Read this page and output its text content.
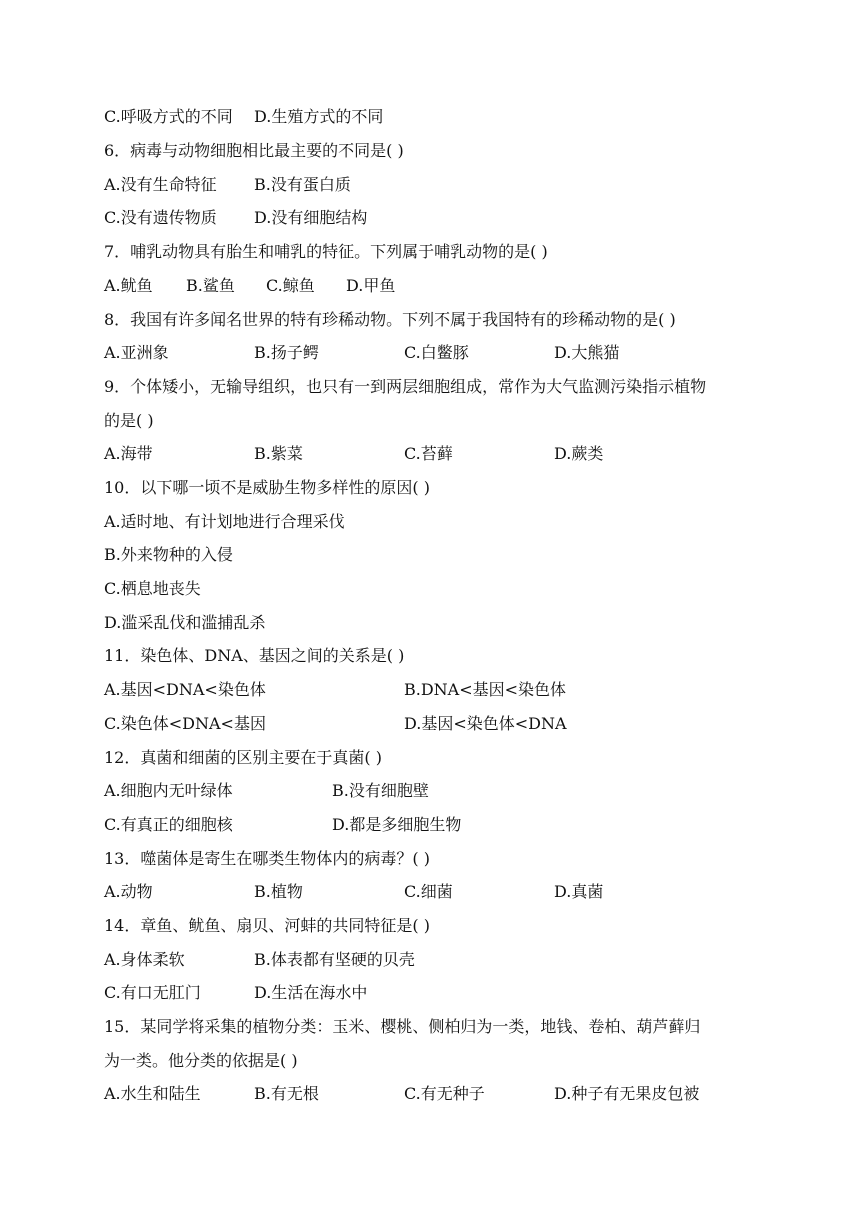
C.呼吸方式的不同 D.生殖方式的不同
6．病毒与动物细胞相比最主要的不同是( )
A.没有生命特征 B.没有蛋白质
C.没有遗传物质 D.没有细胞结构
7．哺乳动物具有胎生和哺乳的特征。下列属于哺乳动物的是( )
A.鱿鱼 B.鲨鱼 C.鲸鱼 D.甲鱼
8．我国有许多闻名世界的特有珍稀动物。下列不属于我国特有的珍稀动物的是( )
A.亚洲象	B.扬子鳄	C.白鳖豚	D.大熊猫
9．个体矮小，无输导组织，也只有一到两层细胞组成，常作为大气监测污染指示植物
的是( )
A.海带	B.紫菜	C.苔藓	D.蕨类
10．以下哪一顷不是威胁生物多样性的原因( )
A.适时地、有计划地进行合理采伐
B.外来物种的入侵
C.栖息地丧失
D.滥采乱伐和滥捕乱杀
11．染色体、DNA、基因之间的关系是( )
A.基因<DNA<染色体	B.DNA<基因<染色体
C.染色体<DNA<基因	D.基因<染色体<DNA
12．真菌和细菌的区别主要在于真菌( )
A.细胞内无叶绿体	B.没有细胞壁
C.有真正的细胞核	D.都是多细胞生物
13．噬菌体是寄生在哪类生物体内的病毒？( )
A.动物	B.植物	C.细菌	D.真菌
14．章鱼、鱿鱼、扇贝、河蚌的共同特征是( )
A.身体柔软	B.体表都有坚硬的贝壳
C.有口无肛门	D.生活在海水中
15．某同学将采集的植物分类：玉米、樱桃、侧柏归为一类，地钱、卷柏、葫芦藓归
为一类。他分类的依据是( )
A.水生和陆生	B.有无根	C.有无种子	D.种子有无果皮包被
